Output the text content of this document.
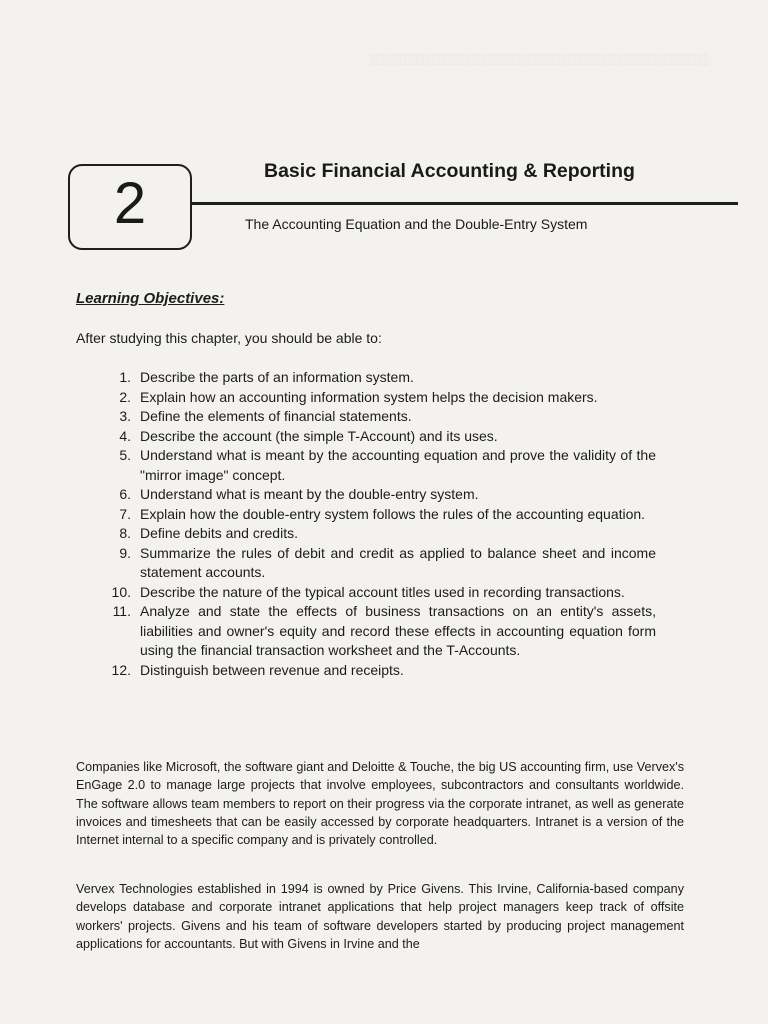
░░░░░░░░░░░░░░░░░░░░░░░░░░░░░░░░░░░░░░░░
2	Basic Financial Accounting & Reporting
The Accounting Equation and the Double-Entry System
Learning Objectives:
After studying this chapter, you should be able to:
1. Describe the parts of an information system.
2. Explain how an accounting information system helps the decision makers.
3. Define the elements of financial statements.
4. Describe the account (the simple T-Account) and its uses.
5. Understand what is meant by the accounting equation and prove the validity of the "mirror image" concept.
6. Understand what is meant by the double-entry system.
7. Explain how the double-entry system follows the rules of the accounting equation.
8. Define debits and credits.
9. Summarize the rules of debit and credit as applied to balance sheet and income statement accounts.
10. Describe the nature of the typical account titles used in recording transactions.
11. Analyze and state the effects of business transactions on an entity's assets, liabilities and owner's equity and record these effects in accounting equation form using the financial transaction worksheet and the T-Accounts.
12. Distinguish between revenue and receipts.

Companies like Microsoft, the software giant and Deloitte & Touche, the big US accounting firm, use Vervex's EnGage 2.0 to manage large projects that involve employees, subcontractors and consultants worldwide. The software allows team members to report on their progress via the corporate intranet, as well as generate invoices and timesheets that can be easily accessed by corporate headquarters. Intranet is a version of the Internet internal to a specific company and is privately controlled.

Vervex Technologies established in 1994 is owned by Price Givens. This Irvine, California-based company develops database and corporate intranet applications that help project managers keep track of offsite workers' projects. Givens and his team of software developers started by producing project management applications for accountants. But with Givens in Irvine and the
